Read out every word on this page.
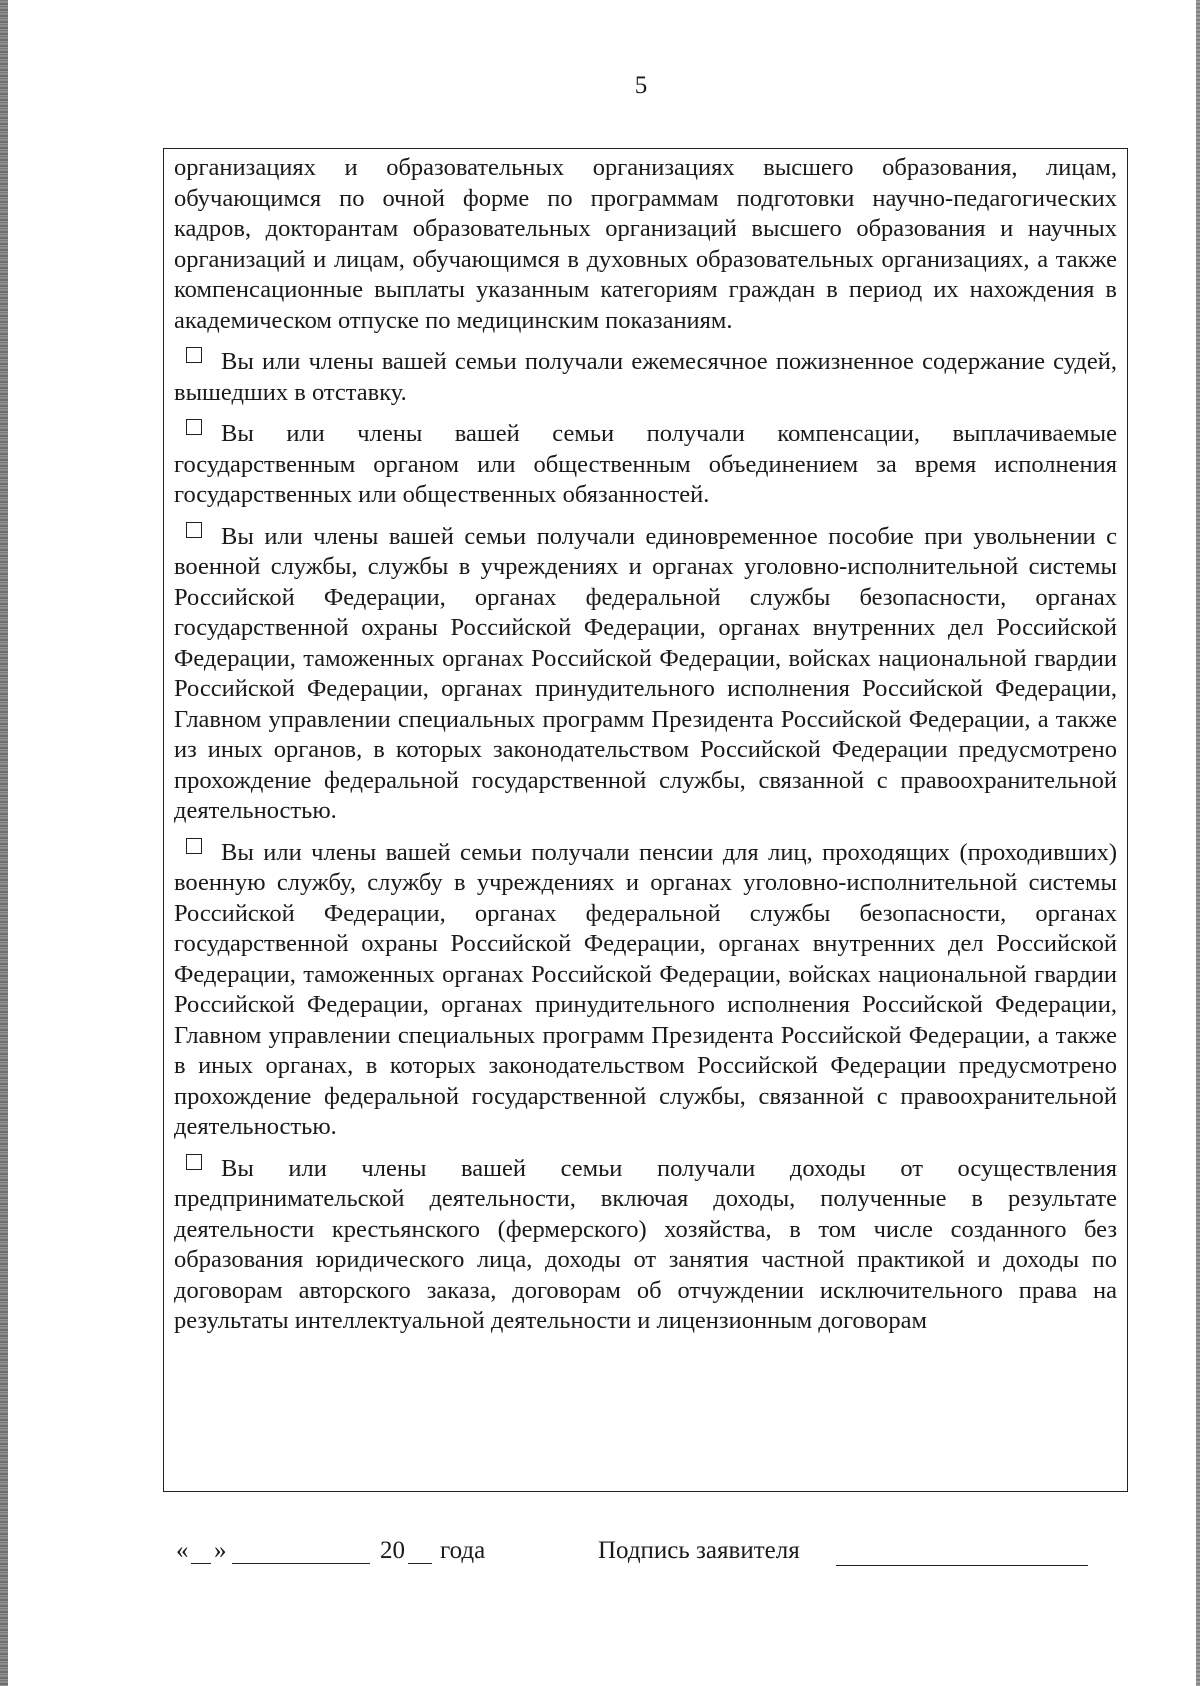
5

организациях и образовательных организациях высшего образования, лицам, обучающимся по очной форме по программам подготовки научно-педагогических кадров, докторантам образовательных организаций высшего образования и научных организаций и лицам, обучающимся в духовных образовательных организациях, а также компенсационные выплаты указанным категориям граждан в период их нахождения в академическом отпуске по медицинским показаниям.

Вы или члены вашей семьи получали ежемесячное пожизненное содержание судей, вышедших в отставку.

Вы или члены вашей семьи получали компенсации, выплачиваемые государственным органом или общественным объединением за время исполнения государственных или общественных обязанностей.

Вы или члены вашей семьи получали единовременное пособие при увольнении с военной службы, службы в учреждениях и органах уголовно-исполнительной системы Российской Федерации, органах федеральной службы безопасности, органах государственной охраны Российской Федерации, органах внутренних дел Российской Федерации, таможенных органах Российской Федерации, войсках национальной гвардии Российской Федерации, органах принудительного исполнения Российской Федерации, Главном управлении специальных программ Президента Российской Федерации, а также из иных органов, в которых законодательством Российской Федерации предусмотрено прохождение федеральной государственной службы, связанной с правоохранительной деятельностью.

Вы или члены вашей семьи получали пенсии для лиц, проходящих (проходивших) военную службу, службу в учреждениях и органах уголовно-исполнительной системы Российской Федерации, органах федеральной службы безопасности, органах государственной охраны Российской Федерации, органах внутренних дел Российской Федерации, таможенных органах Российской Федерации, войсках национальной гвардии Российской Федерации, органах принудительного исполнения Российской Федерации, Главном управлении специальных программ Президента Российской Федерации, а также в иных органах, в которых законодательством Российской Федерации предусмотрено прохождение федеральной государственной службы, связанной с правоохранительной деятельностью.

Вы или члены вашей семьи получали доходы от осуществления предпринимательской деятельности, включая доходы, полученные в результате деятельности крестьянского (фермерского) хозяйства, в том числе созданного без образования юридического лица, доходы от занятия частной практикой и доходы по договорам авторского заказа, договорам об отчуждении исключительного права на результаты интеллектуальной деятельности и лицензионным договорам

« »	20 года	Подпись заявителя
